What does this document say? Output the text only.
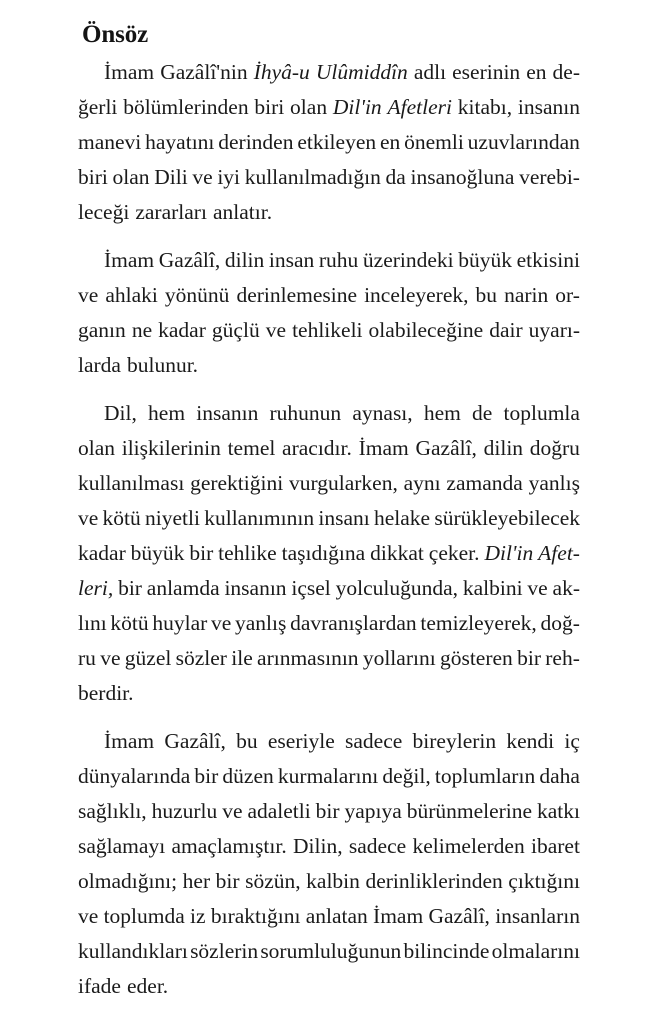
Önsöz
İmam Gazâlî'nin İhyâ-u Ulûmiddîn adlı eserinin en de-
ğerli bölümlerinden biri olan Dil'in Afetleri kitabı, insanın
manevi hayatını derinden etkileyen en önemli uzuvlarından
biri olan Dili ve iyi kullanılmadığın da insanoğluna verebi-
leceği zararları anlatır.
İmam Gazâlî, dilin insan ruhu üzerindeki büyük etkisini
ve ahlaki yönünü derinlemesine inceleyerek, bu narin or-
ganın ne kadar güçlü ve tehlikeli olabileceğine dair uyarı-
larda bulunur.
Dil, hem insanın ruhunun aynası, hem de toplumla
olan ilişkilerinin temel aracıdır. İmam Gazâlî, dilin doğru
kullanılması gerektiğini vurgularken, aynı zamanda yanlış
ve kötü niyetli kullanımının insanı helake sürükleyebilecek
kadar büyük bir tehlike taşıdığına dikkat çeker. Dil'in Afet-
leri, bir anlamda insanın içsel yolculuğunda, kalbini ve ak-
lını kötü huylar ve yanlış davranışlardan temizleyerek, doğ-
ru ve güzel sözler ile arınmasının yollarını gösteren bir reh-
berdir.
İmam Gazâlî, bu eseriyle sadece bireylerin kendi iç
dünyalarında bir düzen kurmalarını değil, toplumların daha
sağlıklı, huzurlu ve adaletli bir yapıya bürünmelerine katkı
sağlamayı amaçlamıştır. Dilin, sadece kelimelerden ibaret
olmadığını; her bir sözün, kalbin derinliklerinden çıktığını
ve toplumda iz bıraktığını anlatan İmam Gazâlî, insanların
kullandıkları sözlerin sorumluluğunun bilincinde olmalarını
ifade eder.
